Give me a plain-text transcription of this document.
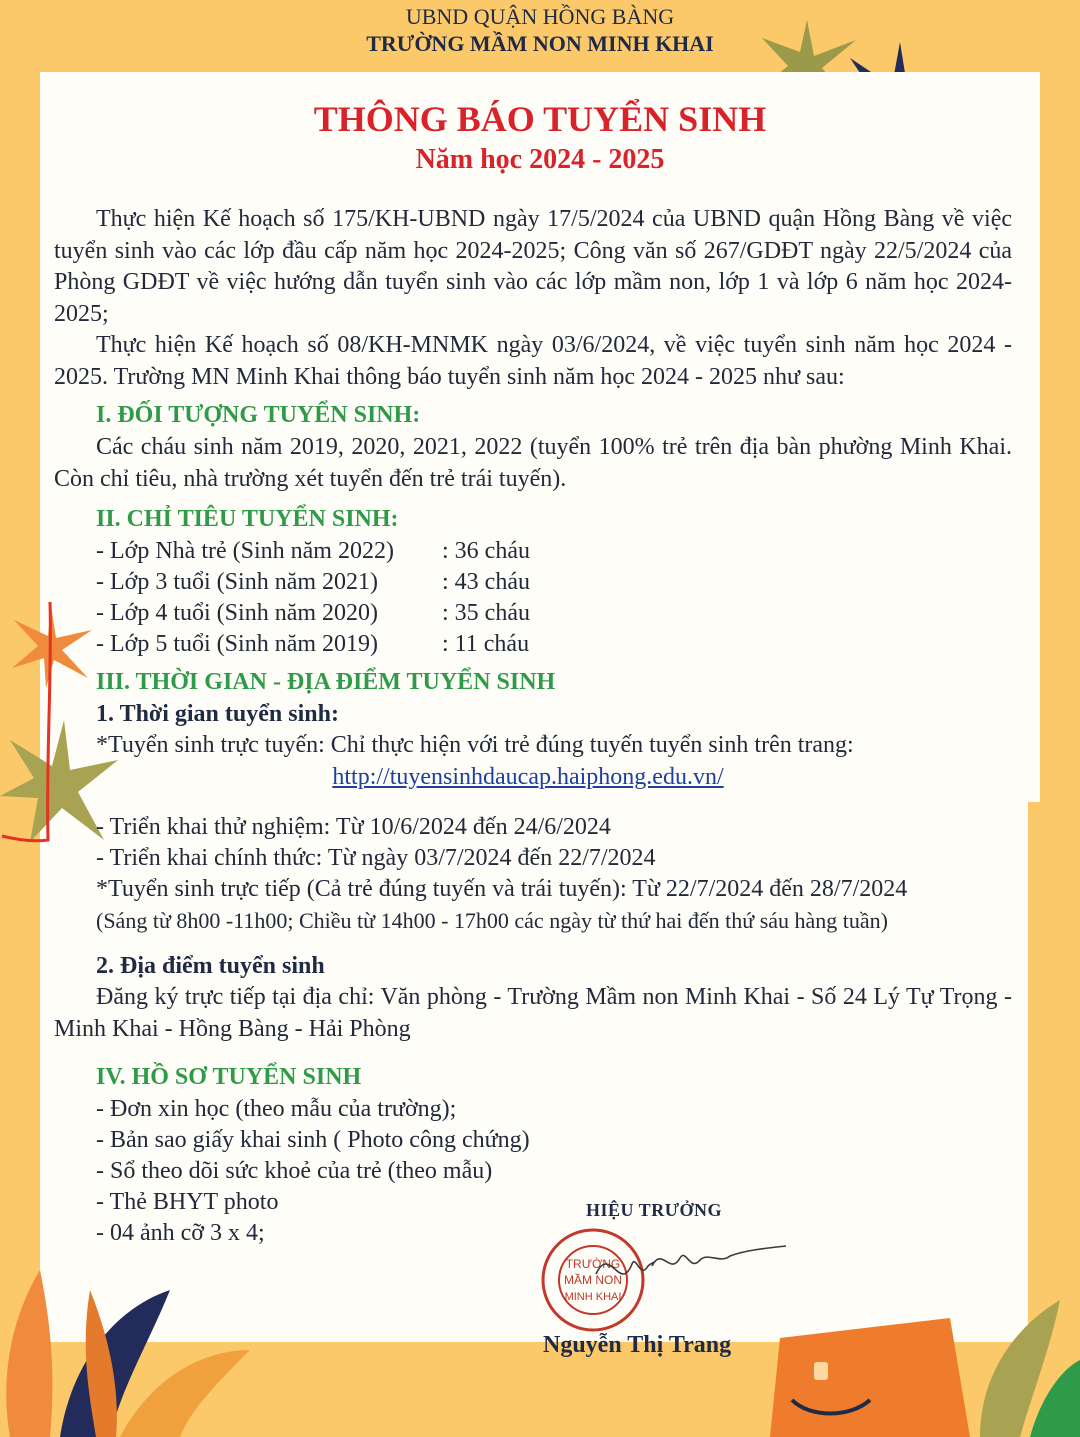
UBND QUẬN HỒNG BÀNG
TRƯỜNG MẦM NON MINH KHAI
THÔNG BÁO TUYỂN SINH
Năm học 2024 - 2025
Thực hiện Kế hoạch số 175/KH-UBND ngày 17/5/2024 của UBND quận Hồng Bàng về việc tuyển sinh vào các lớp đầu cấp năm học 2024-2025; Công văn số 267/GDĐT ngày 22/5/2024 của Phòng GDĐT về việc hướng dẫn tuyển sinh vào các lớp mầm non, lớp 1 và lớp 6 năm học 2024-2025;
Thực hiện Kế hoạch số 08/KH-MNMK ngày 03/6/2024, về việc tuyển sinh năm học 2024 - 2025. Trường MN Minh Khai thông báo tuyển sinh năm học 2024 - 2025 như sau:
I. ĐỐI TƯỢNG TUYỂN SINH:
Các cháu sinh năm 2019, 2020, 2021, 2022 (tuyển 100% trẻ trên địa bàn phường Minh Khai. Còn chỉ tiêu, nhà trường xét tuyển đến trẻ trái tuyến).
II. CHỈ TIÊU TUYỂN SINH:
- Lớp Nhà trẻ (Sinh năm 2022) : 36 cháu
- Lớp 3 tuổi (Sinh năm 2021)	: 43 cháu
- Lớp 4 tuổi (Sinh năm 2020)	: 35 cháu
- Lớp 5 tuổi (Sinh năm 2019)	: 11 cháu
III. THỜI GIAN - ĐỊA ĐIỂM TUYỂN SINH
1. Thời gian tuyển sinh:
*Tuyển sinh trực tuyến: Chỉ thực hiện với trẻ đúng tuyến tuyển sinh trên trang:
http://tuyensinhdaucap.haiphong.edu.vn/
- Triển khai thử nghiệm: Từ 10/6/2024 đến 24/6/2024
- Triển khai chính thức: Từ ngày 03/7/2024 đến 22/7/2024
*Tuyển sinh trực tiếp (Cả trẻ đúng tuyến và trái tuyến): Từ 22/7/2024 đến 28/7/2024
(Sáng từ 8h00 -11h00; Chiều từ 14h00 - 17h00 các ngày từ thứ hai đến thứ sáu hàng tuần)
2. Địa điểm tuyển sinh
Đăng ký trực tiếp tại địa chỉ: Văn phòng - Trường Mầm non Minh Khai - Số 24 Lý Tự Trọng - Minh Khai - Hồng Bàng - Hải Phòng
IV. HỒ SƠ TUYỂN SINH
- Đơn xin học (theo mẫu của trường);
- Bản sao giấy khai sinh ( Photo công chứng)
- Sổ theo dõi sức khoẻ của trẻ (theo mẫu)
- Thẻ BHYT photo
- 04 ảnh cỡ 3 x 4;
HIỆU TRƯỞNG
TRƯỜNG
MẦM NON
MINH KHAI
Nguyễn Thị Trang
